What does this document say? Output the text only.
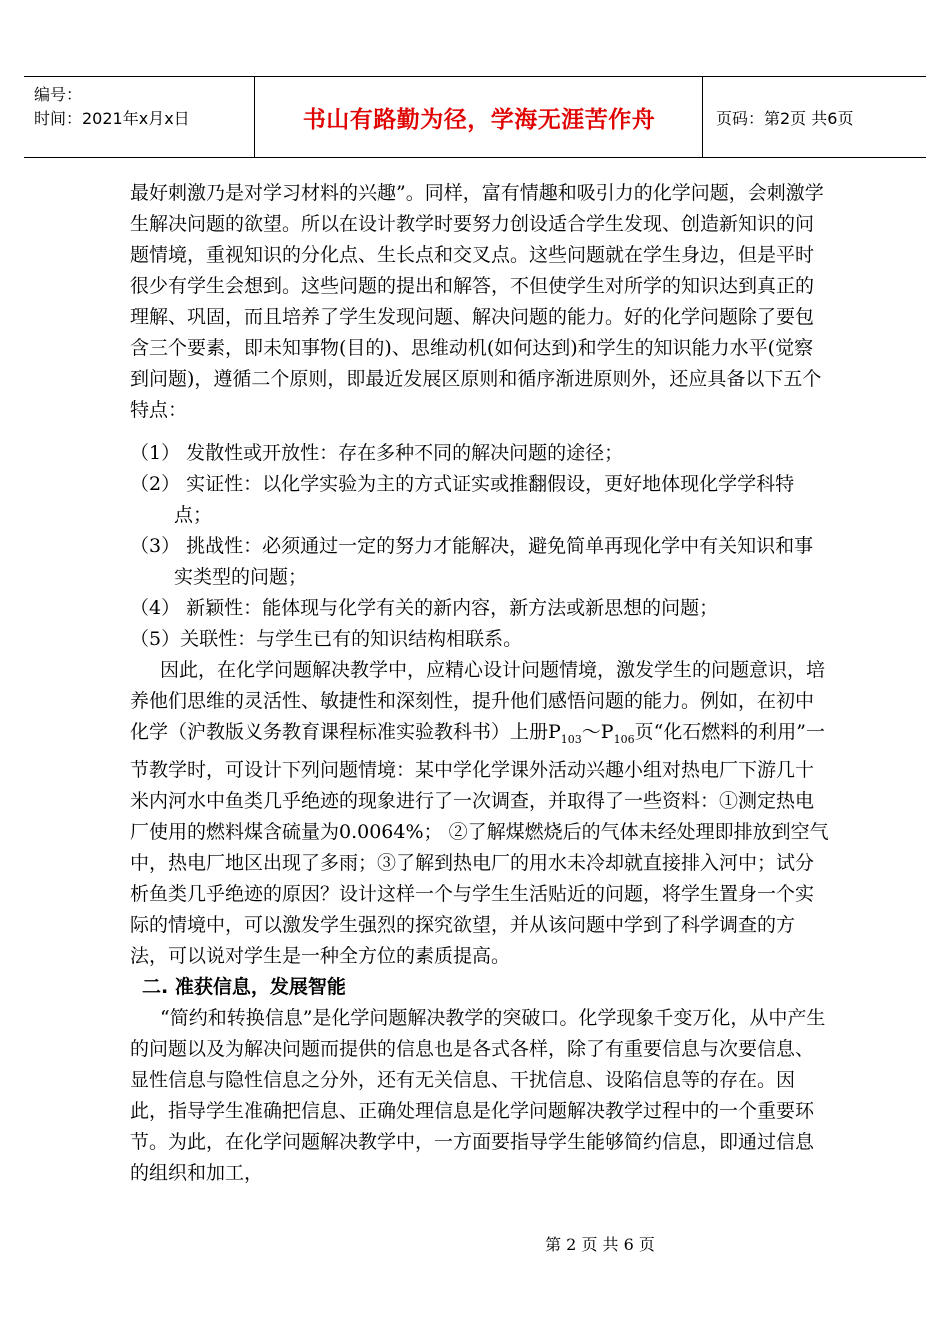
编号：
时间：2021年x月x日	书山有路勤为径，学海无涯苦作舟	页码：第2页 共6页

最好刺激乃是对学习材料的兴趣”。同样，富有情趣和吸引力的化学问题，会刺激学生解决问题的欲望。所以在设计教学时要努力创设适合学生发现、创造新知识的问题情境，重视知识的分化点、生长点和交叉点。这些问题就在学生身边，但是平时很少有学生会想到。这些问题的提出和解答，不但使学生对所学的知识达到真正的理解、巩固，而且培养了学生发现问题、解决问题的能力。好的化学问题除了要包含三个要素，即未知事物(目的)、思维动机(如何达到)和学生的知识能力水平(觉察到问题)，遵循二个原则，即最近发展区原则和循序渐进原则外，还应具备以下五个特点：

（1） 发散性或开放性：存在多种不同的解决问题的途径；

（2） 实证性：以化学实验为主的方式证实或推翻假设，更好地体现化学学科特点；

（3） 挑战性：必须通过一定的努力才能解决，避免简单再现化学中有关知识和事实类型的问题；

（4） 新颖性：能体现与化学有关的新内容，新方法或新思想的问题；

（5）关联性：与学生已有的知识结构相联系。

因此，在化学问题解决教学中，应精心设计问题情境，激发学生的问题意识，培养他们思维的灵活性、敏捷性和深刻性，提升他们感悟问题的能力。例如，在初中化学（沪教版义务教育课程标准实验教科书）上册$P_{103}\sim P_{106}$页“化石燃料的利用”一节教学时，可设计下列问题情境：某中学化学课外活动兴趣小组对热电厂下游几十米内河水中鱼类几乎绝迹的现象进行了一次调查，并取得了一些资料：①测定热电厂使用的燃料煤含硫量为0.0064%； ②了解煤燃烧后的气体未经处理即排放到空气中，热电厂地区出现了多雨；③了解到热电厂的用水未冷却就直接排入河中；试分析鱼类几乎绝迹的原因？设计这样一个与学生生活贴近的问题，将学生置身一个实际的情境中，可以激发学生强烈的探究欲望，并从该问题中学到了科学调查的方法，可以说对学生是一种全方位的素质提高。

二. 准获信息，发展智能

“简约和转换信息”是化学问题解决教学的突破口。化学现象千变万化，从中产生的问题以及为解决问题而提供的信息也是各式各样，除了有重要信息与次要信息、显性信息与隐性信息之分外，还有无关信息、干扰信息、设陷信息等的存在。因此，指导学生准确把信息、正确处理信息是化学问题解决教学过程中的一个重要环节。为此，在化学问题解决教学中，一方面要指导学生能够简约信息，即通过信息的组织和加工，

第 2 页 共 6 页
